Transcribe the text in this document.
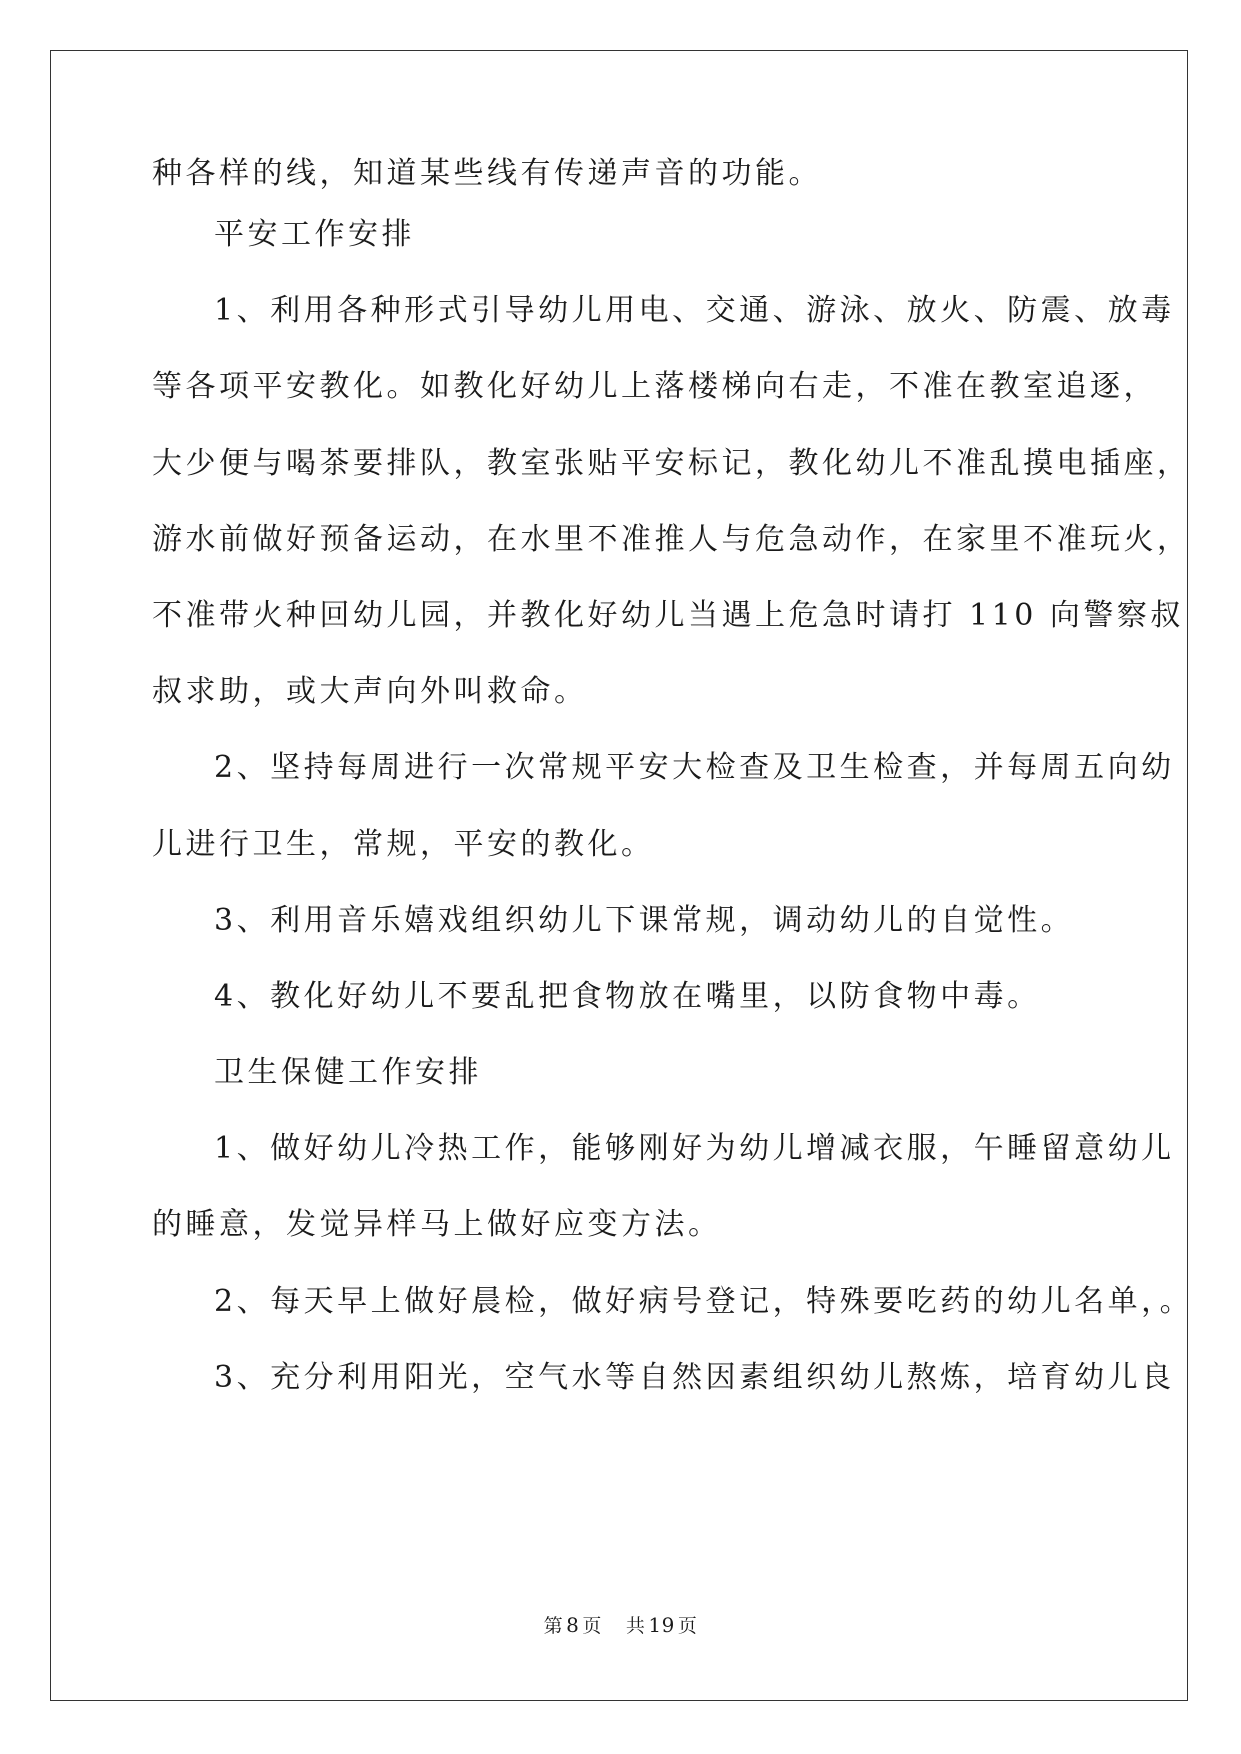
种各样的线，知道某些线有传递声音的功能。
平安工作安排
1、利用各种形式引导幼儿用电、交通、游泳、放火、防震、放毒
等各项平安教化。如教化好幼儿上落楼梯向右走，不准在教室追逐，
大少便与喝茶要排队，教室张贴平安标记，教化幼儿不准乱摸电插座，
游水前做好预备运动，在水里不准推人与危急动作，在家里不准玩火，
不准带火种回幼儿园，并教化好幼儿当遇上危急时请打 110 向警察叔
叔求助，或大声向外叫救命。
2、坚持每周进行一次常规平安大检查及卫生检查，并每周五向幼
儿进行卫生，常规，平安的教化。
3、利用音乐嬉戏组织幼儿下课常规，调动幼儿的自觉性。
4、教化好幼儿不要乱把食物放在嘴里，以防食物中毒。
卫生保健工作安排
1、做好幼儿冷热工作，能够刚好为幼儿增减衣服，午睡留意幼儿
的睡意，发觉异样马上做好应变方法。
2、每天早上做好晨检，做好病号登记，特殊要吃药的幼儿名单，。
3、充分利用阳光，空气水等自然因素组织幼儿熬炼，培育幼儿良
第 8 页 共 19 页
